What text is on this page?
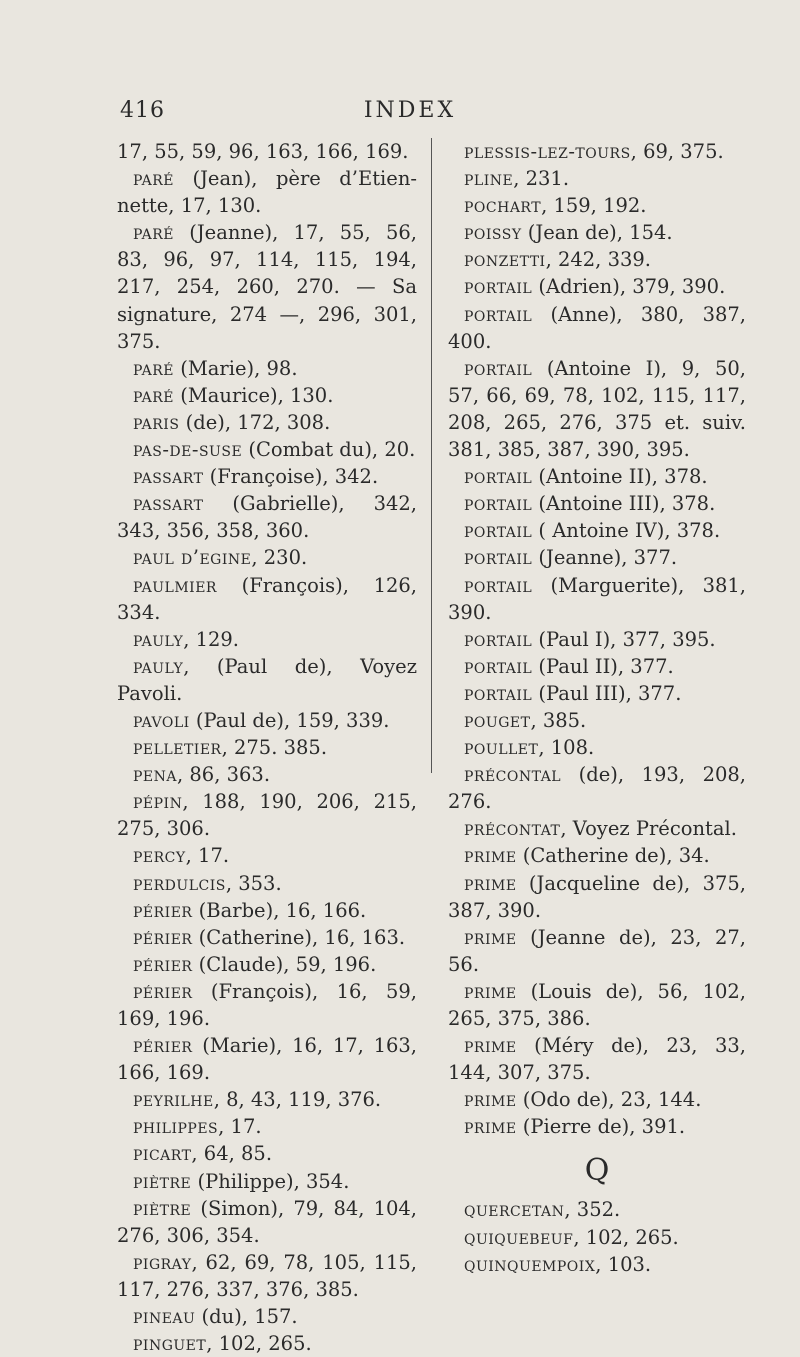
416	INDEX

17, 55, 59, 96, 163, 166, 169.

paré (Jean), père d’Etiennette, 17, 130.

paré (Jeanne), 17, 55, 56, 83, 96, 97, 114, 115, 194, 217, 254, 260, 270. — Sa signature, 274 —, 296, 301, 375.

paré (Marie), 98.

paré (Maurice), 130.

paris (de), 172, 308.

pas-de-suse (Combat du), 20.

passart (Françoise), 342.

passart (Gabrielle), 342, 343, 356, 358, 360.

paul d’egine, 230.

paulmier (François), 126, 334.

pauly, 129.

pauly, (Paul de), Voyez Pavoli.

pavoli (Paul de), 159, 339.

pelletier, 275. 385.

pena, 86, 363.

pépin, 188, 190, 206, 215, 275, 306.

percy, 17.

perdulcis, 353.

périer (Barbe), 16, 166.

périer (Catherine), 16, 163.

périer (Claude), 59, 196.

périer (François), 16, 59, 169, 196.

périer (Marie), 16, 17, 163, 166, 169.

peyrilhe, 8, 43, 119, 376.

philippes, 17.

picart, 64, 85.

piètre (Philippe), 354.

piètre (Simon), 79, 84, 104, 276, 306, 354.

pigray, 62, 69, 78, 105, 115, 117, 276, 337, 376, 385.

pineau (du), 157.

pinguet, 102, 265.

plessis-lez-tours, 69, 375.

pline, 231.

pochart, 159, 192.

poissy (Jean de), 154.

ponzetti, 242, 339.

portail (Adrien), 379, 390.

portail (Anne), 380, 387, 400.

portail (Antoine I), 9, 50, 57, 66, 69, 78, 102, 115, 117, 208, 265, 276, 375 et. suiv. 381, 385, 387, 390, 395.

portail (Antoine II), 378.

portail (Antoine III), 378.

portail ( Antoine IV), 378.

portail (Jeanne), 377.

portail (Marguerite), 381, 390.

portail (Paul I), 377, 395.

portail (Paul II), 377.

portail (Paul III), 377.

pouget, 385.

poullet, 108.

précontal (de), 193, 208, 276.

précontat, Voyez Précontal.

prime (Catherine de), 34.

prime (Jacqueline de), 375, 387, 390.

prime (Jeanne de), 23, 27, 56.

prime (Louis de), 56, 102, 265, 375, 386.

prime (Méry de), 23, 33, 144, 307, 375.

prime (Odo de), 23, 144.

prime (Pierre de), 391.

Q

quercetan, 352.

quiquebeuf, 102, 265.

quinquempoix, 103.
